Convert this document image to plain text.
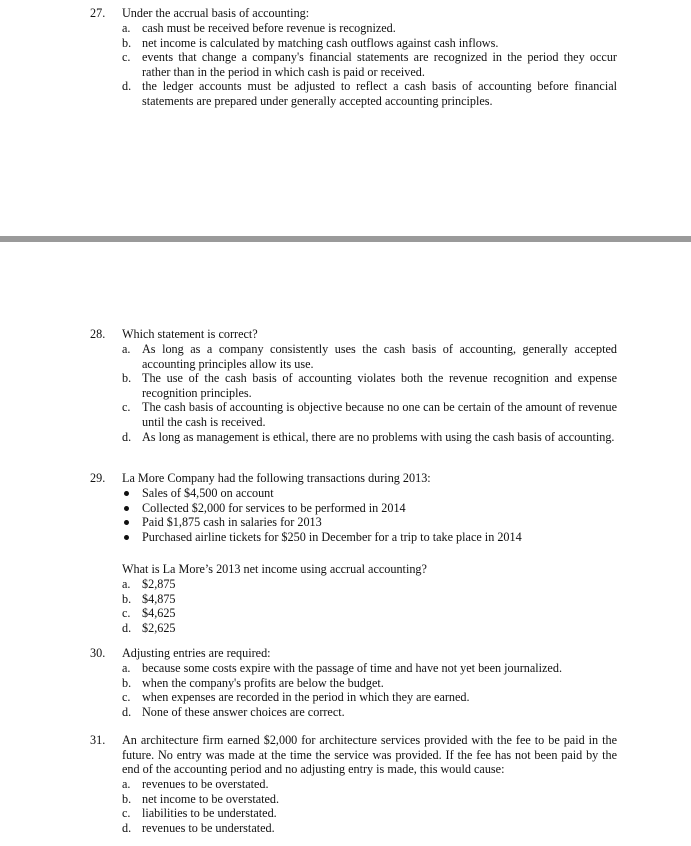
27. Under the accrual basis of accounting:
a. cash must be received before revenue is recognized.
b. net income is calculated by matching cash outflows against cash inflows.
c. events that change a company's financial statements are recognized in the period they occur rather than in the period in which cash is paid or received.
d. the ledger accounts must be adjusted to reflect a cash basis of accounting before financial statements are prepared under generally accepted accounting principles.
28. Which statement is correct?
a. As long as a company consistently uses the cash basis of accounting, generally accepted accounting principles allow its use.
b. The use of the cash basis of accounting violates both the revenue recognition and expense recognition principles.
c. The cash basis of accounting is objective because no one can be certain of the amount of revenue until the cash is received.
d. As long as management is ethical, there are no problems with using the cash basis of accounting.
29. La More Company had the following transactions during 2013:
Sales of $4,500 on account
Collected $2,000 for services to be performed in 2014
Paid $1,875 cash in salaries for 2013
Purchased airline tickets for $250 in December for a trip to take place in 2014
What is La More’s 2013 net income using accrual accounting?
a. $2,875
b. $4,875
c. $4,625
d. $2,625
30. Adjusting entries are required:
a. because some costs expire with the passage of time and have not yet been journalized.
b. when the company's profits are below the budget.
c. when expenses are recorded in the period in which they are earned.
d. None of these answer choices are correct.
31. An architecture firm earned $2,000 for architecture services provided with the fee to be paid in the future. No entry was made at the time the service was provided. If the fee has not been paid by the end of the accounting period and no adjusting entry is made, this would cause:
a. revenues to be overstated.
b. net income to be overstated.
c. liabilities to be understated.
d. revenues to be understated.
